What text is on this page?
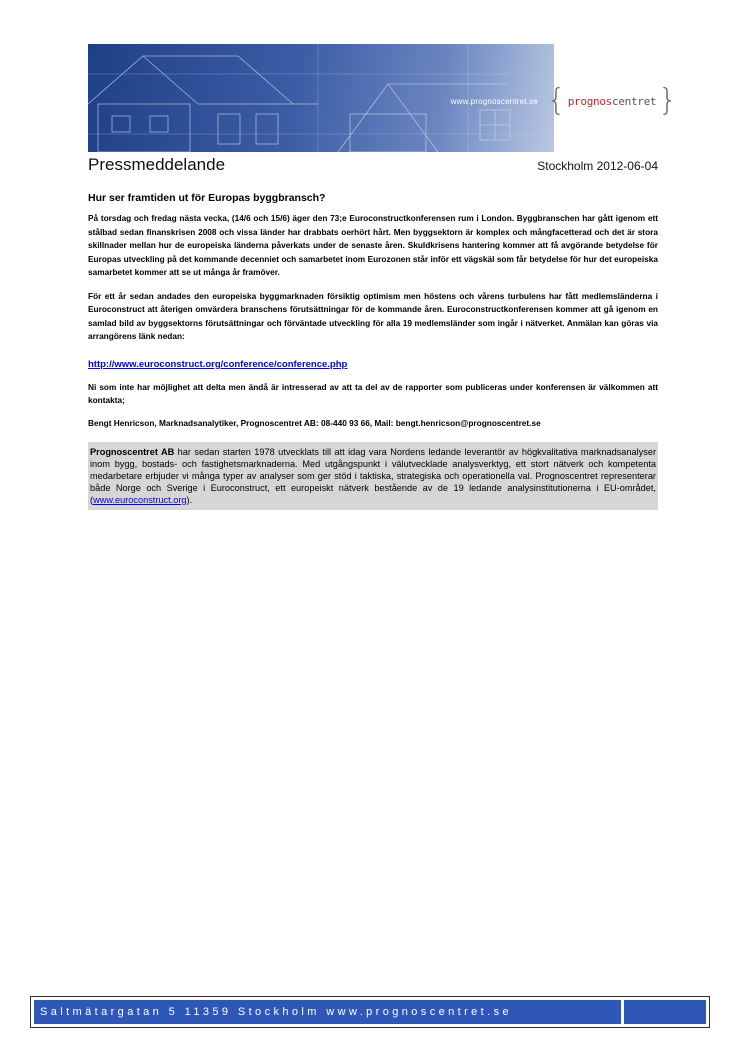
www.prognoscentret.se { prognoscentret }
Pressmeddelande	Stockholm 2012-06-04

Hur ser framtiden ut för Europas byggbransch?

På torsdag och fredag nästa vecka, (14/6 och 15/6) äger den 73;e Euroconstructkonferensen rum i London. Byggbranschen har gått igenom ett stålbad sedan finanskrisen 2008 och vissa länder har drabbats oerhört hårt. Men byggsektorn är komplex och mångfacetterad och det är stora skillnader mellan hur de europeiska länderna påverkats under de senaste åren. Skuldkrisens hantering kommer att få avgörande betydelse för Europas utveckling på det kommande decenniet och samarbetet inom Eurozonen står inför ett vägskäl som får betydelse för hur det europeiska samarbetet kommer att se ut många år framöver.

För ett år sedan andades den europeiska byggmarknaden försiktig optimism men höstens och vårens turbulens har fått medlemsländerna i Euroconstruct att återigen omvärdera branschens förutsättningar för de kommande åren. Euroconstructkonferensen kommer att gå igenom en samlad bild av byggsektorns förutsättningar och förväntade utveckling för alla 19 medlemsländer som ingår i nätverket. Anmälan kan göras via arrangörens länk nedan:

http://www.euroconstruct.org/conference/conference.php

Ni som inte har möjlighet att delta men ändå är intresserad av att ta del av de rapporter som publiceras under konferensen är välkommen att kontakta;

Bengt Henricson, Marknadsanalytiker, Prognoscentret AB: 08-440 93 66, Mail: bengt.henricson@prognoscentret.se

Prognoscentret AB har sedan starten 1978 utvecklats till att idag vara Nordens ledande leverantör av högkvalitativa marknadsanalyser inom bygg, bostads- och fastighetsmarknaderna. Med utgångspunkt i välutvecklade analysverktyg, ett stort nätverk och kompetenta medarbetare erbjuder vi många typer av analyser som ger stöd i taktiska, strategiska och operationella val. Prognoscentret representerar både Norge och Sverige i Euroconstruct, ett europeiskt nätverk bestående av de 19 ledande analysinstitutionerna i EU-området, (www.euroconstruct.org).
Saltmätargatan 5 11359 Stockholm www.prognoscentret.se
